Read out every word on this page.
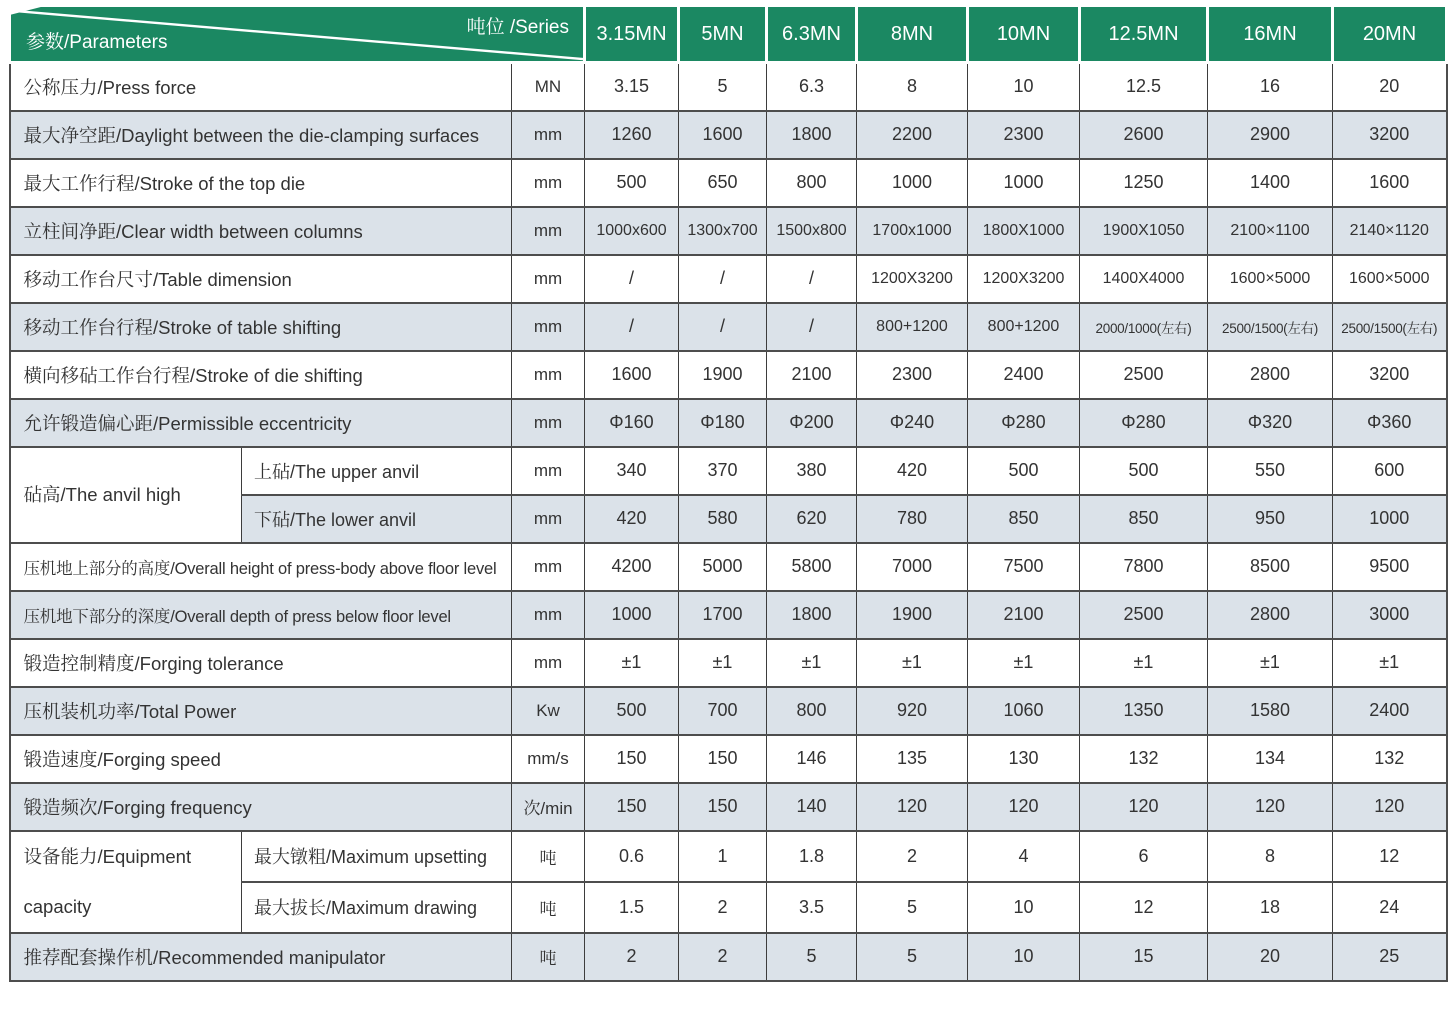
吨位 /Series
参数/Parameters			3.15MN	5MN	6.3MN	8MN	10MN	12.5MN	16MN	20MN
公称压力/Press force		MN	3.15	5	6.3	8	10	12.5	16	20
最大净空距/Daylight between the die-clamping surfaces		mm	1260	1600	1800	2200	2300	2600	2900	3200
最大工作行程/Stroke of the top die		mm	500	650	800	1000	1000	1250	1400	1600
立柱间净距/Clear width between columns		mm	1000x600	1300x700	1500x800	1700x1000	1800X1000	1900X1050	2100×1100	2140×1120
移动工作台尺寸/Table dimension		mm	/	/	/	1200X3200	1200X3200	1400X4000	1600×5000	1600×5000
移动工作台行程/Stroke of table shifting		mm	/	/	/	800+1200	800+1200	2000/1000(左右)	2500/1500(左右)	2500/1500(左右)
横向移砧工作台行程/Stroke of die shifting		mm	1600	1900	2100	2300	2400	2500	2800	3200
允许锻造偏心距/Permissible eccentricity		mm	Φ160	Φ180	Φ200	Φ240	Φ280	Φ280	Φ320	Φ360
砧高/The anvil high	上砧/The upper anvil	mm	340	370	380	420	500	500	550	600
	下砧/The lower anvil	mm	420	580	620	780	850	850	950	1000
压机地上部分的高度/Overall height of press-body above floor level		mm	4200	5000	5800	7000	7500	7800	8500	9500
压机地下部分的深度/Overall depth of press below floor level		mm	1000	1700	1800	1900	2100	2500	2800	3000
锻造控制精度/Forging tolerance		mm	±1	±1	±1	±1	±1	±1	±1	±1
压机装机功率/Total Power		Kw	500	700	800	920	1060	1350	1580	2400
锻造速度/Forging speed		mm/s	150	150	146	135	130	132	134	132
锻造频次/Forging frequency		次/min	150	150	140	120	120	120	120	120
设备能力/Equipment capacity	最大镦粗/Maximum upsetting	吨	0.6	1	1.8	2	4	6	8	12
	最大拔长/Maximum drawing	吨	1.5	2	3.5	5	10	12	18	24
推荐配套操作机/Recommended manipulator		吨	2	2	5	5	10	15	20	25
